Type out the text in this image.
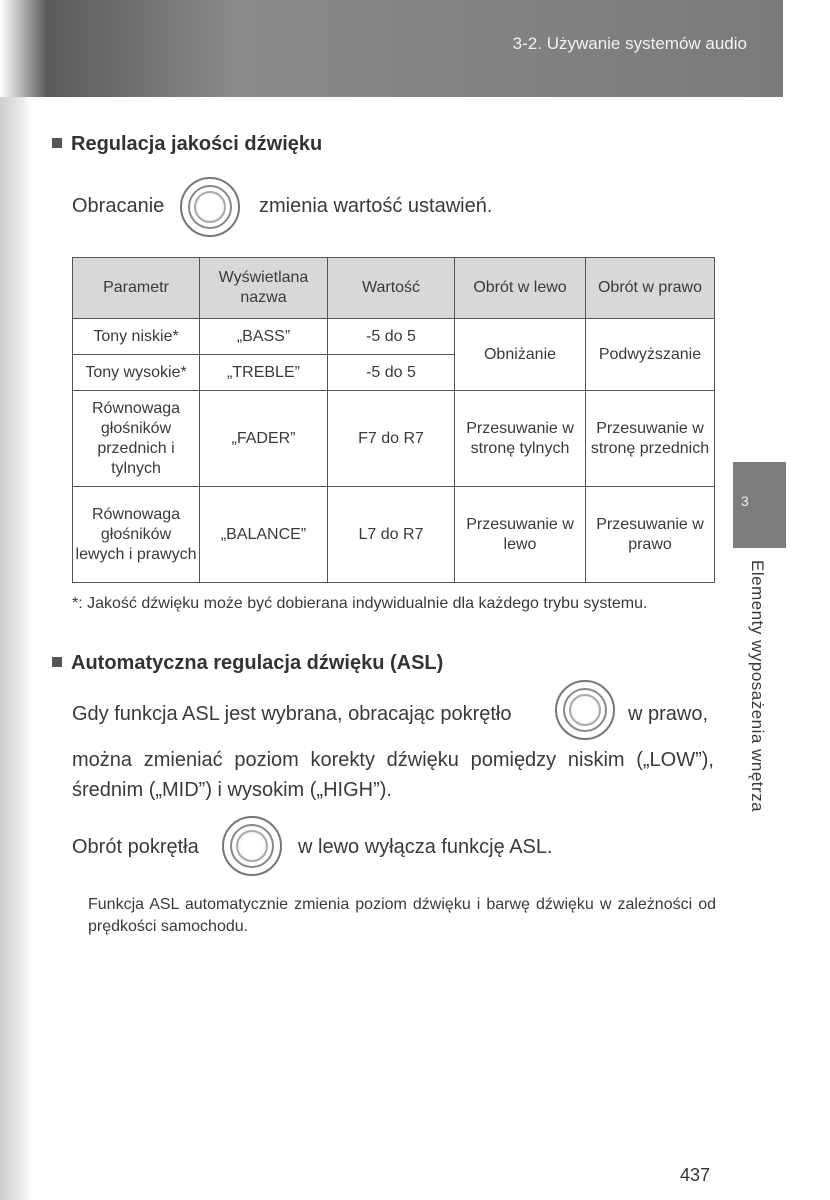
3-2. Używanie systemów audio
Regulacja jakości dźwięku
Obracanie	zmienia wartość ustawień.
Parametr	Wyświetlana nazwa	Wartość	Obrót w lewo	Obrót w prawo
Tony niskie*	„BASS”	-5 do 5	Obniżanie	Podwyższanie
Tony wysokie*	„TREBLE”	-5 do 5		
Równowaga głośników przednich i tylnych	„FADER”	F7 do R7	Przesuwanie w stronę tylnych	Przesuwanie w stronę przednich
Równowaga głośników lewych i prawych	„BALANCE”	L7 do R7	Przesuwanie w lewo	Przesuwanie w prawo
*: Jakość dźwięku może być dobierana indywidualnie dla każdego trybu systemu.
Automatyczna regulacja dźwięku (ASL)
Gdy funkcja ASL jest wybrana, obracając pokrętło	w prawo,
można zmieniać poziom korekty dźwięku pomiędzy niskim („LOW”), średnim („MID”) i wysokim („HIGH”).
Obrót pokrętła	w lewo wyłącza funkcję ASL.
Funkcja ASL automatycznie zmienia poziom dźwięku i barwę dźwięku w zależności od prędkości samochodu.
3
Elementy wyposażenia wnętrza
437
